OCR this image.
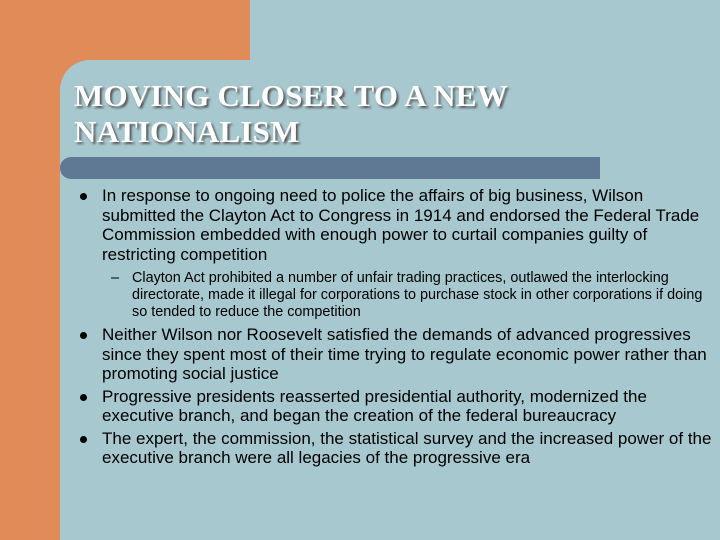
MOVING CLOSER TO A NEW NATIONALISM
In response to ongoing need to police the affairs of big business, Wilson submitted the Clayton Act to Congress in 1914 and endorsed the Federal Trade Commission embedded with enough power to curtail companies guilty of restricting competition
– Clayton Act prohibited a number of unfair trading practices, outlawed the interlocking directorate, made it illegal for corporations to purchase stock in other corporations if doing so tended to reduce the competition
Neither Wilson nor Roosevelt satisfied the demands of advanced progressives since they spent most of their time trying to regulate economic power rather than promoting social justice
Progressive presidents reasserted presidential authority, modernized the executive branch, and began the creation of the federal bureaucracy
The expert, the commission, the statistical survey and the increased power of the executive branch were all legacies of the progressive era
